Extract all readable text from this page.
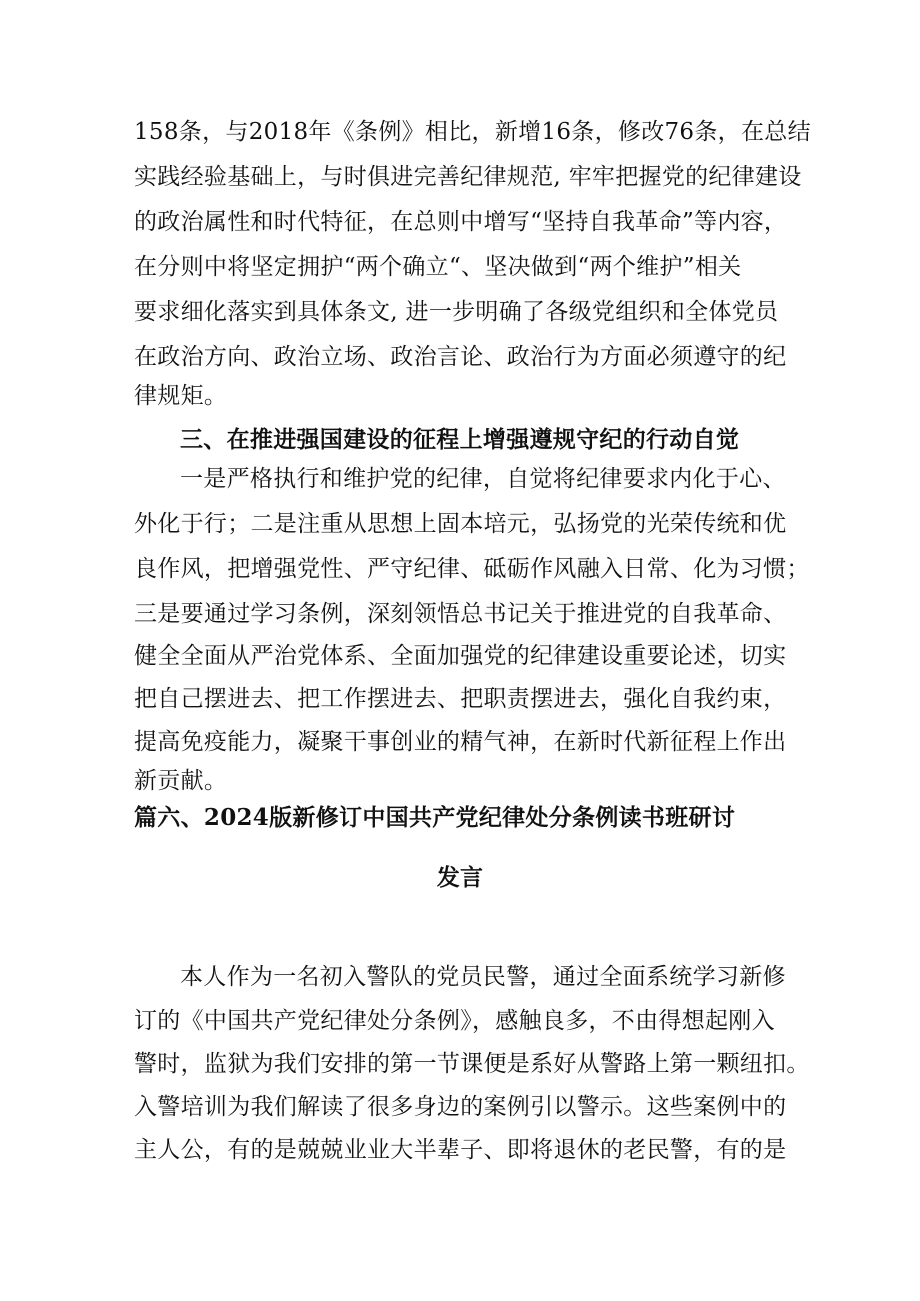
158条，与2018年《条例》相比，新增16条，修改76条，在总结
实践经验基础上，与时俱进完善纪律规范, 牢牢把握党的纪律建设
的政治属性和时代特征，在总则中增写“坚持自我革命”等内容，
在分则中将坚定拥护“两个确立“、坚决做到“两个维护”相关
要求细化落实到具体条文, 进一步明确了各级党组织和全体党员
在政治方向、政治立场、政治言论、政治行为方面必须遵守的纪
律规矩。
三、在推进强国建设的征程上增强遵规守纪的行动自觉
一是严格执行和维护党的纪律，自觉将纪律要求内化于心、
外化于行；二是注重从思想上固本培元，弘扬党的光荣传统和优
良作风，把增强党性、严守纪律、砥砺作风融入日常、化为习惯；
三是要通过学习条例，深刻领悟总书记关于推进党的自我革命、
健全全面从严治党体系、全面加强党的纪律建设重要论述，切实
把自己摆进去、把工作摆进去、把职责摆进去，强化自我约束，
提高免疫能力，凝聚干事创业的精气神，在新时代新征程上作出
新贡献。
篇六、2024版新修订中国共产党纪律处分条例读书班研讨
发言
本人作为一名初入警队的党员民警，通过全面系统学习新修
订的《中国共产党纪律处分条例》，感触良多，不由得想起刚入
警时，监狱为我们安排的第一节课便是系好从警路上第一颗纽扣。
入警培训为我们解读了很多身边的案例引以警示。这些案例中的
主人公，有的是兢兢业业大半辈子、即将退休的老民警，有的是
